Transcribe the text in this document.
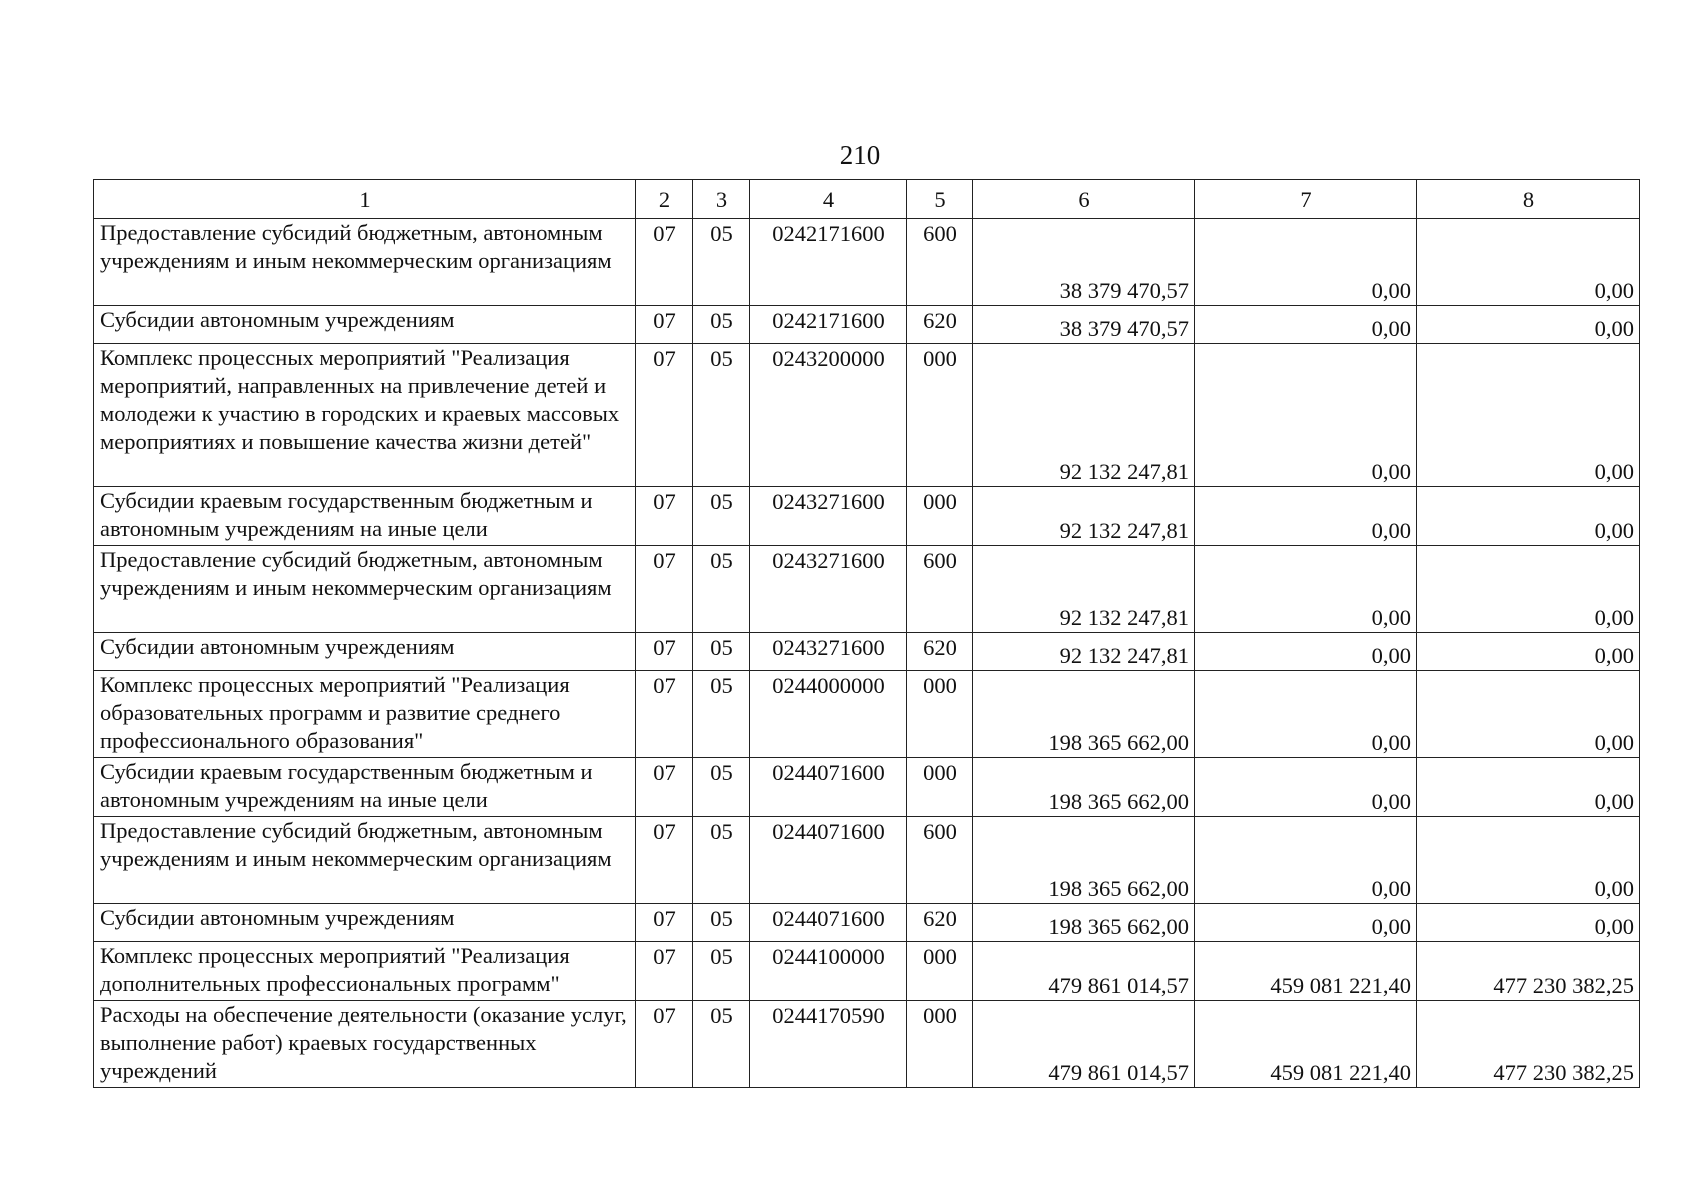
210
1	2	3	4	5	6	7	8
Предоставление субсидий бюджетным, автономным учреждениям и иным некоммерческим организациям	07	05	0242171600	600	38 379 470,57	0,00	0,00
Субсидии автономным учреждениям	07	05	0242171600	620	38 379 470,57	0,00	0,00
Комплекс процессных мероприятий "Реализация мероприятий, направленных на привлечение детей и молодежи к участию в городских и краевых массовых мероприятиях и повышение качества жизни детей"	07	05	0243200000	000	92 132 247,81	0,00	0,00
Субсидии краевым государственным бюджетным и автономным учреждениям на иные цели	07	05	0243271600	000	92 132 247,81	0,00	0,00
Предоставление субсидий бюджетным, автономным учреждениям и иным некоммерческим организациям	07	05	0243271600	600	92 132 247,81	0,00	0,00
Субсидии автономным учреждениям	07	05	0243271600	620	92 132 247,81	0,00	0,00
Комплекс процессных мероприятий "Реализация образовательных программ и развитие среднего профессионального образования"	07	05	0244000000	000	198 365 662,00	0,00	0,00
Субсидии краевым государственным бюджетным и автономным учреждениям на иные цели	07	05	0244071600	000	198 365 662,00	0,00	0,00
Предоставление субсидий бюджетным, автономным учреждениям и иным некоммерческим организациям	07	05	0244071600	600	198 365 662,00	0,00	0,00
Субсидии автономным учреждениям	07	05	0244071600	620	198 365 662,00	0,00	0,00
Комплекс процессных мероприятий "Реализация дополнительных профессиональных программ"	07	05	0244100000	000	479 861 014,57	459 081 221,40	477 230 382,25
Расходы на обеспечение деятельности (оказание услуг, выполнение работ) краевых государственных учреждений	07	05	0244170590	000	479 861 014,57	459 081 221,40	477 230 382,25
